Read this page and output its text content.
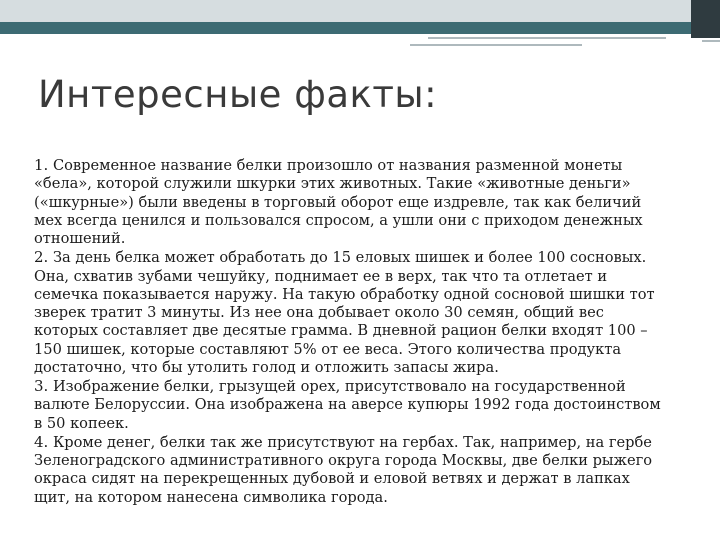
Интересные факты:

1. Современное название белки произошло от названия разменной монеты «бела», которой служили шкурки этих животных. Такие «животные деньги» («шкурные») были введены в торговый оборот еще издревле, так как беличий мех всегда ценился и пользовался спросом, а ушли они с приходом денежных отношений.

2. За день белка может обработать до 15 еловых шишек и более 100 сосновых. Она, схватив зубами чешуйку, поднимает ее в верх, так что та отлетает и семечка показывается наружу. На такую обработку одной сосновой шишки тот зверек тратит 3 минуты. Из нее она добывает около 30 семян, общий вес которых составляет две десятые грамма. В дневной рацион белки входят 100 – 150 шишек, которые составляют 5% от ее веса. Этого количества продукта достаточно, что бы утолить голод и отложить запасы жира.

3. Изображение белки, грызущей орех, присутствовало на государственной валюте Белоруссии. Она изображена на аверсе купюры 1992 года достоинством в 50 копеек.

4. Кроме денег, белки так же присутствуют на гербах. Так, например, на гербе Зеленоградского административного округа города Москвы, две белки рыжего окраса сидят на перекрещенных дубовой и еловой ветвях и держат в лапках щит, на котором нанесена символика города.
